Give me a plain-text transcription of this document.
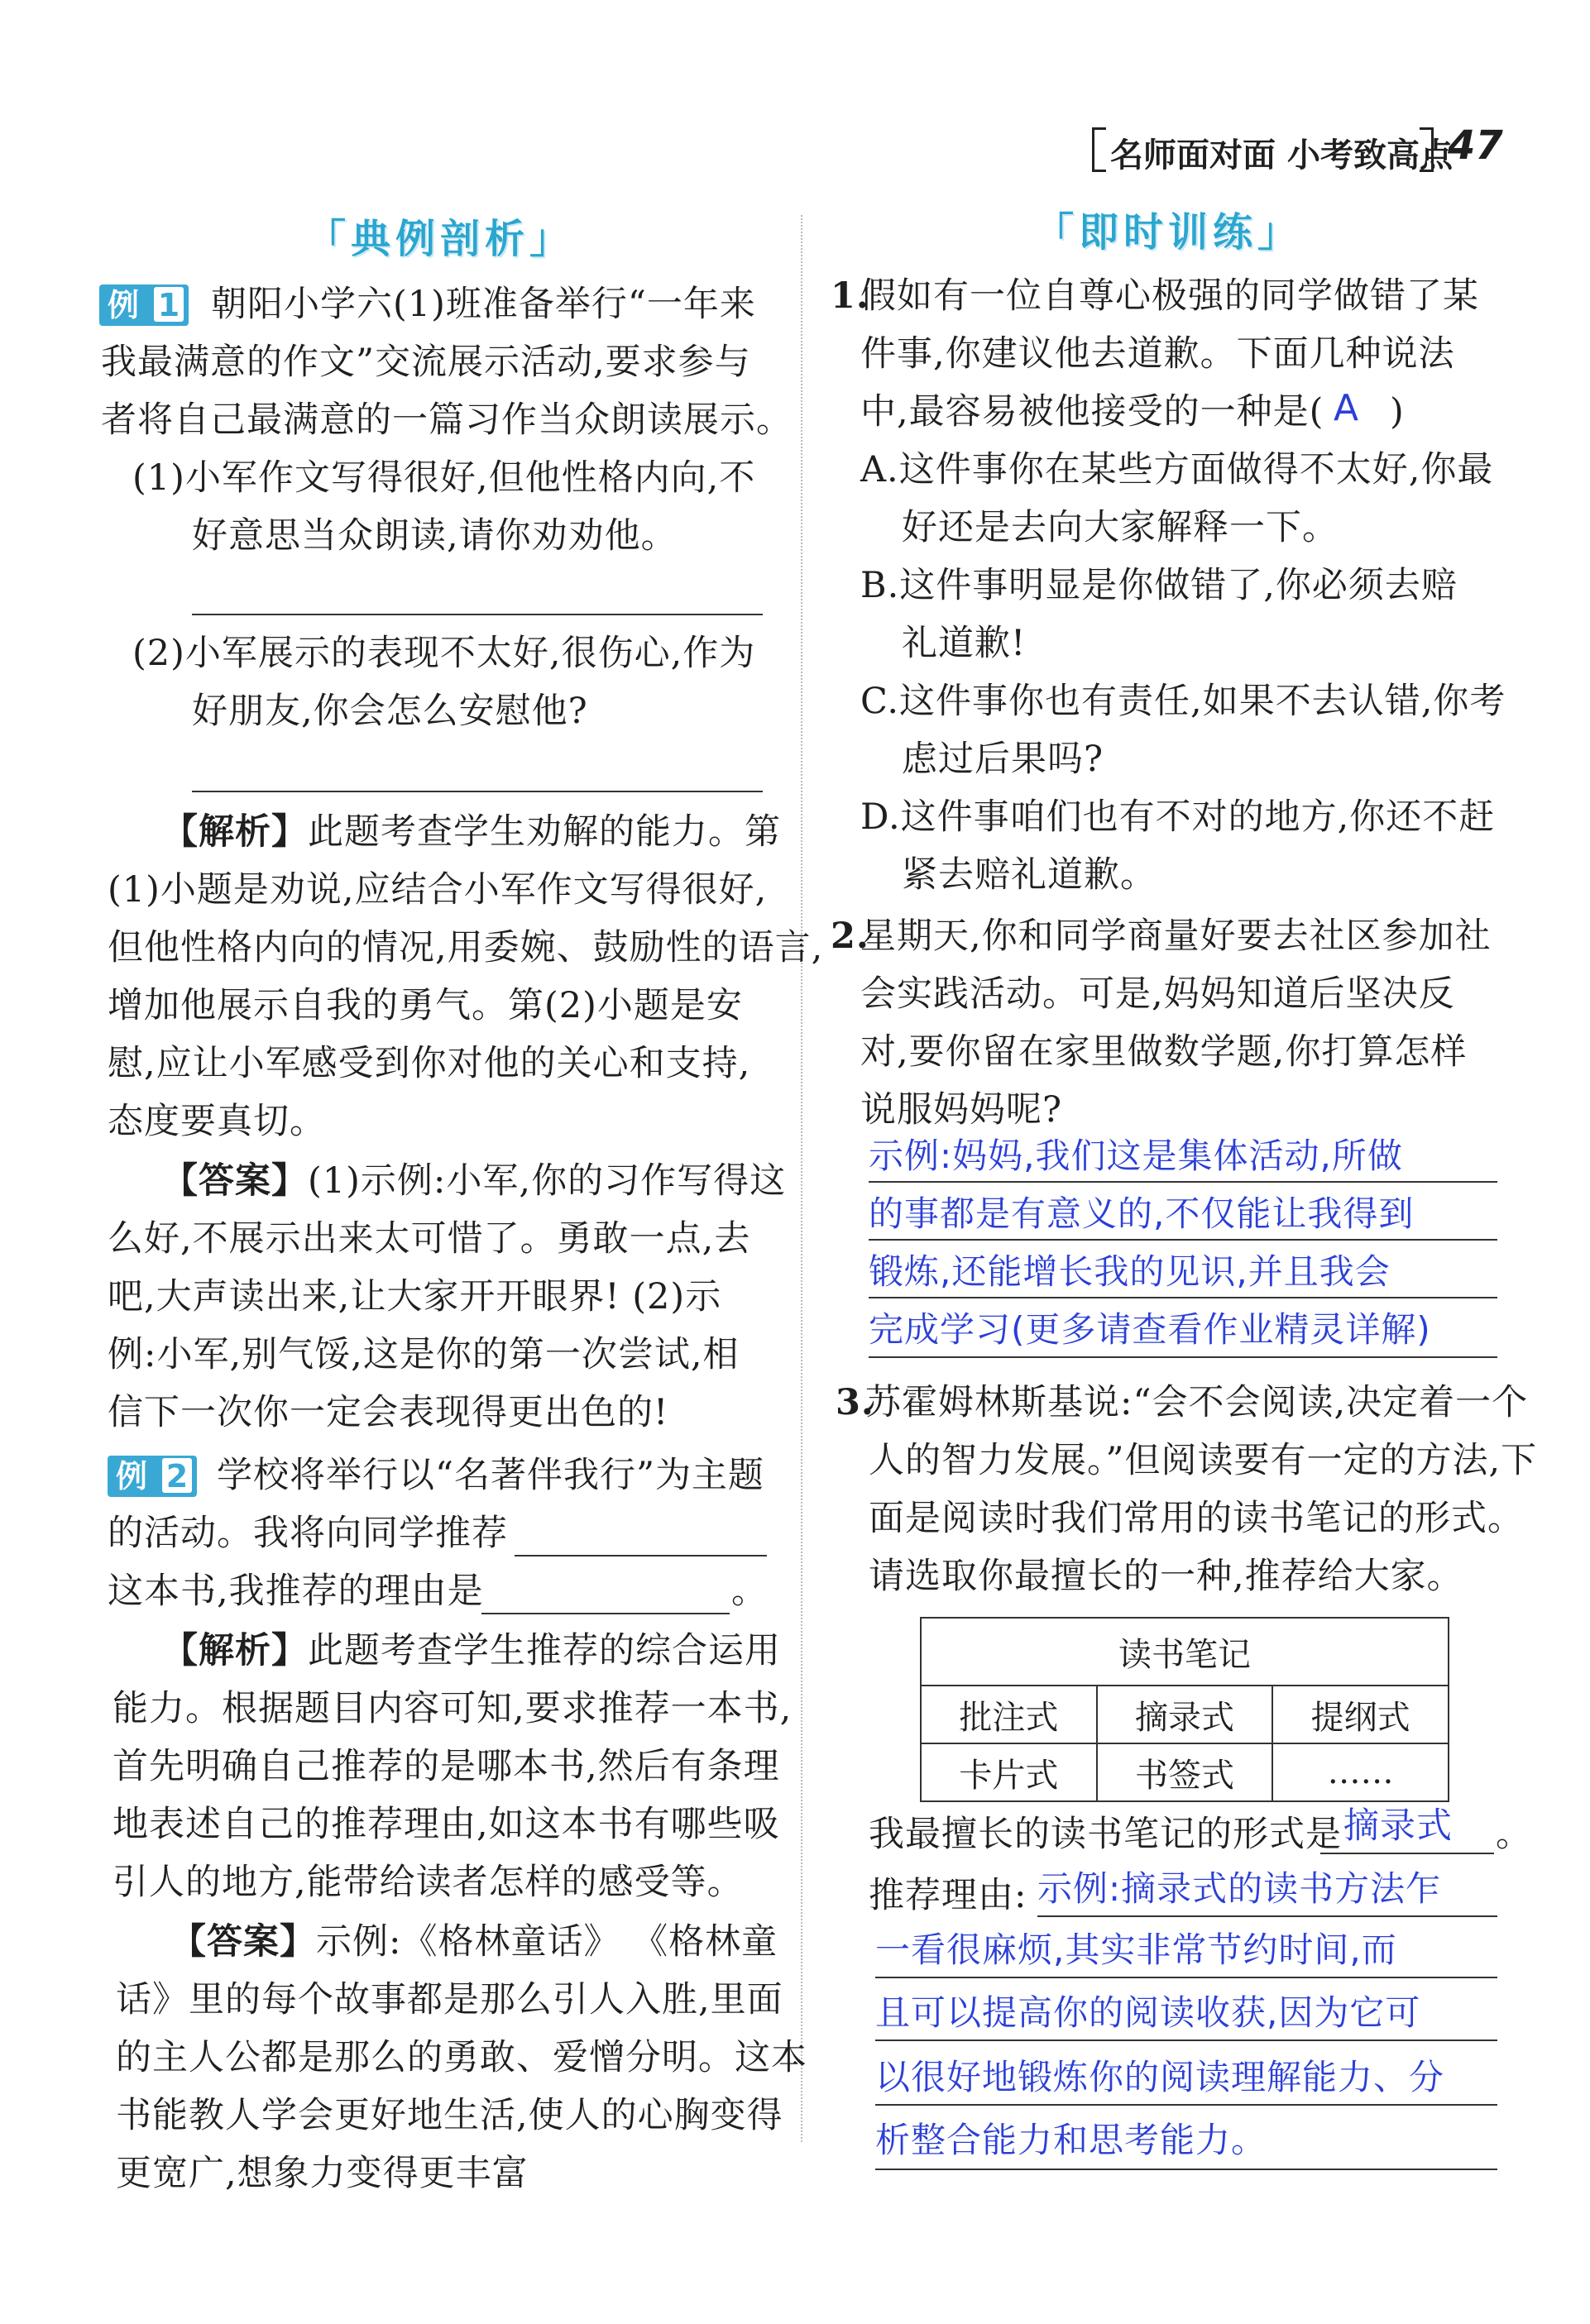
名师面对面 小考致高点
47
「典例剖析」
例 1 朝阳小学六(1)班准备举行“一年来
我最满意的作文”交流展示活动,要求参与
者将自己最满意的一篇习作当众朗读展示。
(1)小军作文写得很好,但他性格内向,不
好意思当众朗读,请你劝劝他。
(2)小军展示的表现不太好,很伤心,作为
好朋友,你会怎么安慰他?
【解析】此题考查学生劝解的能力。第
(1)小题是劝说,应结合小军作文写得很好,
但他性格内向的情况,用委婉、鼓励性的语言,
增加他展示自我的勇气。第(2)小题是安
慰,应让小军感受到你对他的关心和支持,
态度要真切。
【答案】(1)示例:小军,你的习作写得这
么好,不展示出来太可惜了。勇敢一点,去
吧,大声读出来,让大家开开眼界! (2)示
例:小军,别气馁,这是你的第一次尝试,相
信下一次你一定会表现得更出色的!
例 2 学校将举行以“名著伴我行”为主题
的活动。我将向同学推荐
这本书,我推荐的理由是	。
【解析】此题考查学生推荐的综合运用
能力。根据题目内容可知,要求推荐一本书,
首先明确自己推荐的是哪本书,然后有条理
地表述自己的推荐理由,如这本书有哪些吸
引人的地方,能带给读者怎样的感受等。
【答案】示例:《格林童话》 《格林童
话》里的每个故事都是那么引人入胜,里面
的主人公都是那么的勇敢、爱憎分明。这本
书能教人学会更好地生活,使人的心胸变得
更宽广,想象力变得更丰富
「即时训练」
1.
假如有一位自尊心极强的同学做错了某
件事,你建议他去道歉。下面几种说法
中,最容易被他接受的一种是( A )
A.这件事你在某些方面做得不太好,你最
好还是去向大家解释一下。
B.这件事明显是你做错了,你必须去赔
礼道歉!
C.这件事你也有责任,如果不去认错,你考
虑过后果吗?
D.这件事咱们也有不对的地方,你还不赶
紧去赔礼道歉。
2.
星期天,你和同学商量好要去社区参加社
会实践活动。可是,妈妈知道后坚决反
对,要你留在家里做数学题,你打算怎样
说服妈妈呢?
示例:妈妈,我们这是集体活动,所做
的事都是有意义的,不仅能让我得到
锻炼,还能增长我的见识,并且我会
完成学习(更多请查看作业精灵详解)
3.
苏霍姆林斯基说:“会不会阅读,决定着一个
人的智力发展。”但阅读要有一定的方法,下
面是阅读时我们常用的读书笔记的形式。
请选取你最擅长的一种,推荐给大家。
读书笔记		
批注式	摘录式	提纲式
卡片式	书签式	……
我最擅长的读书笔记的形式是 摘录式 。
推荐理由: 示例:摘录式的读书方法乍
一看很麻烦,其实非常节约时间,而
且可以提高你的阅读收获,因为它可
以很好地锻炼你的阅读理解能力、分
析整合能力和思考能力。
